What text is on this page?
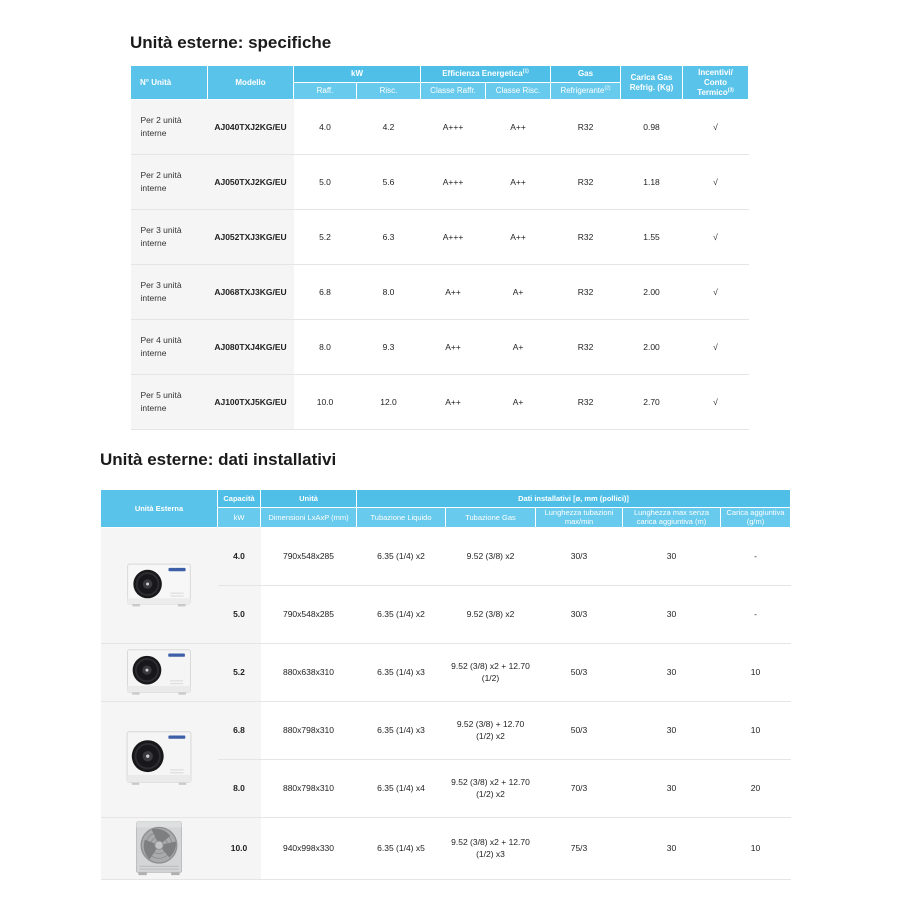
Unità esterne: specifiche
N° Unità	Modello	kW		Efficienza Energetica$^{(1)}$		Gas	Carica Gas Refrig. (Kg)	Incentivi/
Conto Termico$^{(3)}$
		Raff.	Risc.	Classe Raffr.	Classe Risc.	Refrigerante$^{(2)}$
Per 2 unità interne	AJ040TXJ2KG/EU	4.0	4.2	A+++	A++	R32	0.98	√
Per 2 unità interne	AJ050TXJ2KG/EU	5.0	5.6	A+++	A++	R32	1.18	√
Per 3 unità interne	AJ052TXJ3KG/EU	5.2	6.3	A+++	A++	R32	1.55	√
Per 3 unità interne	AJ068TXJ3KG/EU	6.8	8.0	A++	A+	R32	2.00	√
Per 4 unità interne	AJ080TXJ4KG/EU	8.0	9.3	A++	A+	R32	2.00	√
Per 5 unità interne	AJ100TXJ5KG/EU	10.0	12.0	A++	A+	R32	2.70	√
Unità esterne: dati installativi
Unità Esterna	Capacità	Unità	Dati installativi [ø, mm (pollici)]				
	kW	Dimensioni LxAxP (mm)	Tubazione Liquido	Tubazione Gas	Lunghezza tubazioni max/min	Lunghezza max senza carica aggiuntiva (m)	Carica aggiuntiva (g/m)

	4.0	790x548x285	6.35 (1/4) x2	9.52 (3/8) x2	30/3	30	-
	5.0	790x548x285	6.35 (1/4) x2	9.52 (3/8) x2	30/3	30	-

	5.2	880x638x310	6.35 (1/4) x3	9.52 (3/8) x2 + 12.70 (1/2)	50/3	30	10

	6.8	880x798x310	6.35 (1/4) x3	9.52 (3/8) + 12.70 (1/2) x2	50/3	30	10
	8.0	880x798x310	6.35 (1/4) x4	9.52 (3/8) x2 + 12.70 (1/2) x2	70/3	30	20

	10.0	940x998x330	6.35 (1/4) x5	9.52 (3/8) x2 + 12.70 (1/2) x3	75/3	30	10
